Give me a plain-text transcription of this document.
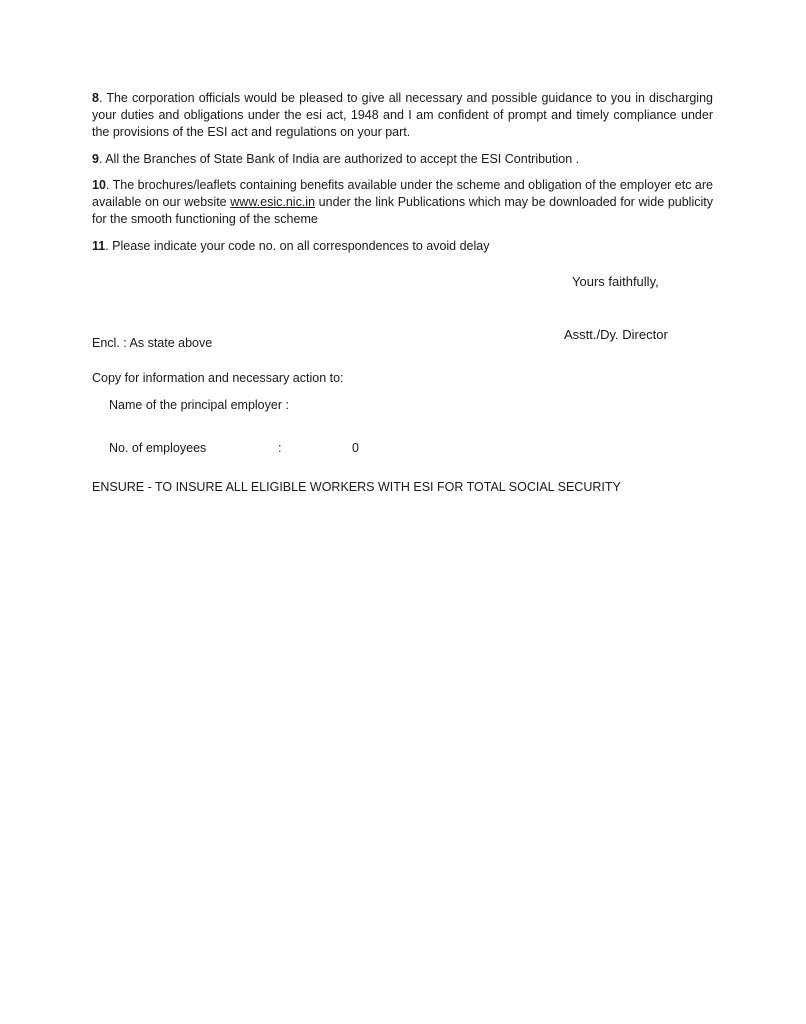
8. The corporation officials would be pleased to give all necessary and possible guidance to you in discharging your duties and obligations under the esi act, 1948 and I am confident of prompt and timely compliance under the provisions of the ESI act and regulations on your part.
9. All the Branches of State Bank of India are authorized to accept the ESI Contribution .
10. The brochures/leaflets containing benefits available under the scheme and obligation of the employer etc are available on our website www.esic.nic.in under the link Publications which may be downloaded for wide publicity for the smooth functioning of the scheme
11. Please indicate your code no. on all correspondences to avoid delay
Yours faithfully,
Asstt./Dy. Director
Encl. : As state above
Copy for information and necessary action to:
Name of the principal employer :
No. of employees	:	0
ENSURE - TO INSURE ALL ELIGIBLE WORKERS WITH ESI FOR TOTAL SOCIAL SECURITY
